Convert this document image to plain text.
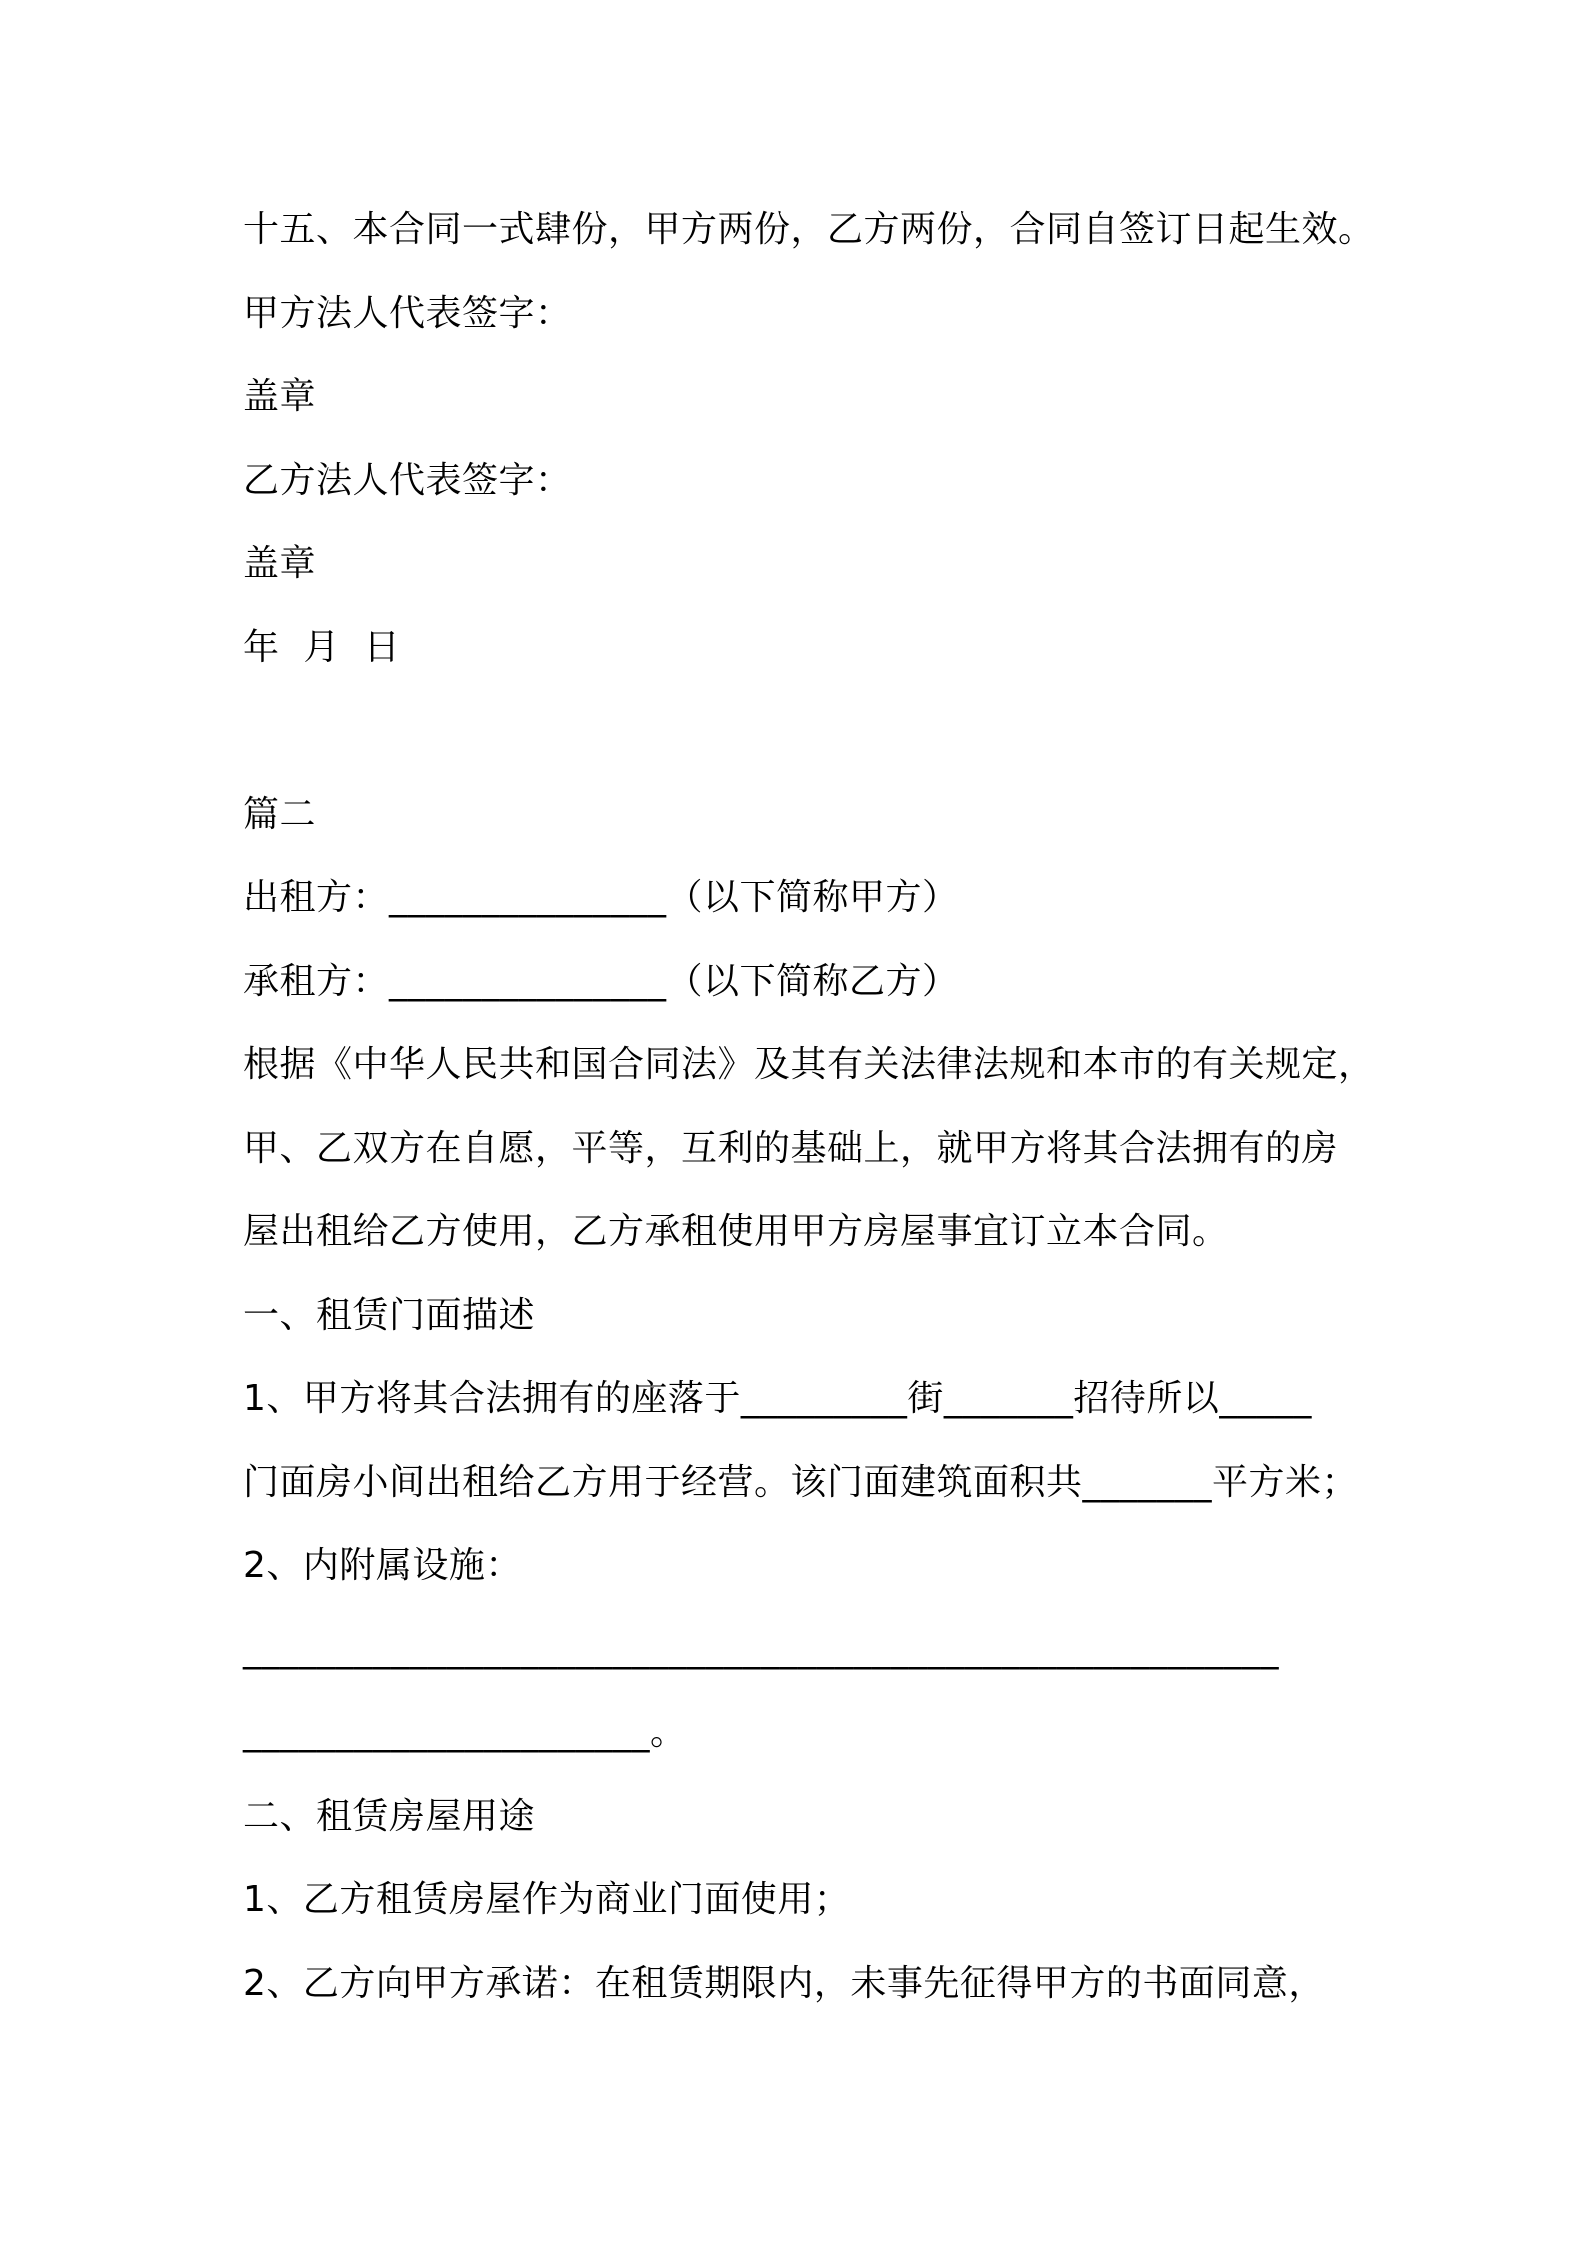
十五、本合同一式肆份，甲方两份，乙方两份，合同自签订日起生效。
甲方法人代表签字：
盖章
乙方法人代表签字：
盖章
年  月  日
篇二
出租方：_______________（以下简称甲方）
承租方：_______________（以下简称乙方）
根据《中华人民共和国合同法》及其有关法律法规和本市的有关规定，
甲、乙双方在自愿，平等，互利的基础上，就甲方将其合法拥有的房
屋出租给乙方使用，乙方承租使用甲方房屋事宜订立本合同。
一、租赁门面描述
1、甲方将其合法拥有的座落于_________街_______招待所以_____
门面房小间出租给乙方用于经营。该门面建筑面积共_______平方米；
2、内附属设施：
________________________________________________________
______________________。
二、租赁房屋用途
1、乙方租赁房屋作为商业门面使用；
2、乙方向甲方承诺：在租赁期限内，未事先征得甲方的书面同意，
